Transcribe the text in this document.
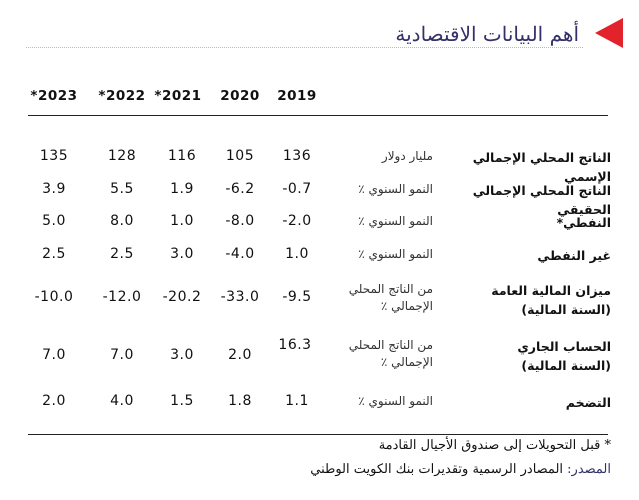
أهم البيانات الاقتصادية
2019
2020
*2021
*2022
*2023
الناتج المحلي الإجمالي الإسمي
مليار دولار
136
105
116
128
135
الناتج المحلي الإجمالي الحقيقي
النمو السنوي ٪
-0.7
-6.2
1.9
5.5
3.9
النفطي*
النمو السنوي ٪
-2.0
-8.0
1.0
8.0
5.0
غير النفطي
النمو السنوي ٪
1.0
-4.0
3.0
2.5
2.5
ميزان المالية العامة (السنة المالية)
من الناتج المحلي الإجمالي ٪
-9.5
-33.0
-20.2
-12.0
-10.0
الحساب الجاري (السنة المالية)
من الناتج المحلي الإجمالي ٪
16.3
2.0
3.0
7.0
7.0
التضخم
النمو السنوي ٪
1.1
1.8
1.5
4.0
2.0
* قبل التحويلات إلى صندوق الأجيال القادمة
المصدر: المصادر الرسمية وتقديرات بنك الكويت الوطني
